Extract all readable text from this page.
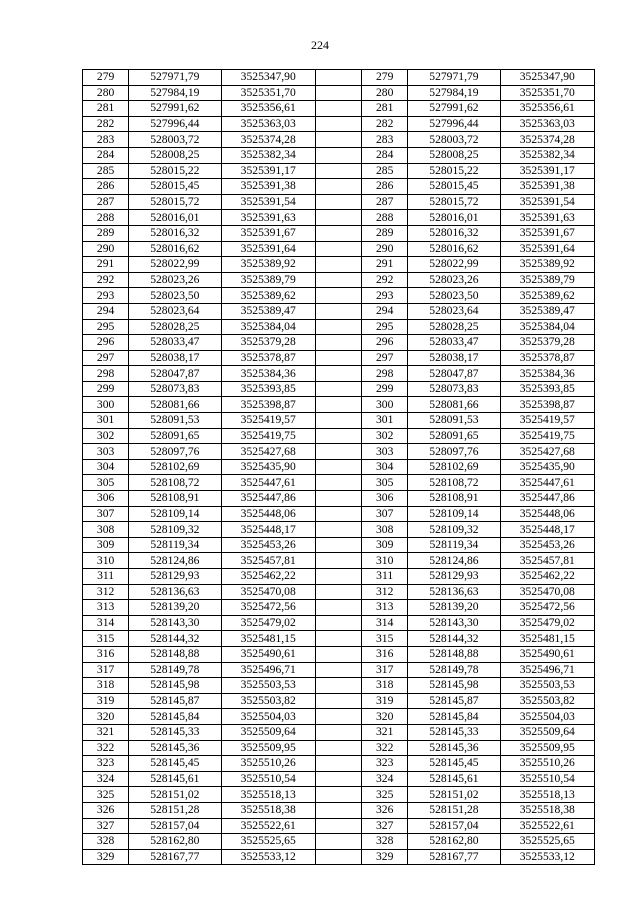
224
279	527971,79	3525347,90		279	527971,79	3525347,90
280	527984,19	3525351,70		280	527984,19	3525351,70
281	527991,62	3525356,61		281	527991,62	3525356,61
282	527996,44	3525363,03		282	527996,44	3525363,03
283	528003,72	3525374,28		283	528003,72	3525374,28
284	528008,25	3525382,34		284	528008,25	3525382,34
285	528015,22	3525391,17		285	528015,22	3525391,17
286	528015,45	3525391,38		286	528015,45	3525391,38
287	528015,72	3525391,54		287	528015,72	3525391,54
288	528016,01	3525391,63		288	528016,01	3525391,63
289	528016,32	3525391,67		289	528016,32	3525391,67
290	528016,62	3525391,64		290	528016,62	3525391,64
291	528022,99	3525389,92		291	528022,99	3525389,92
292	528023,26	3525389,79		292	528023,26	3525389,79
293	528023,50	3525389,62		293	528023,50	3525389,62
294	528023,64	3525389,47		294	528023,64	3525389,47
295	528028,25	3525384,04		295	528028,25	3525384,04
296	528033,47	3525379,28		296	528033,47	3525379,28
297	528038,17	3525378,87		297	528038,17	3525378,87
298	528047,87	3525384,36		298	528047,87	3525384,36
299	528073,83	3525393,85		299	528073,83	3525393,85
300	528081,66	3525398,87		300	528081,66	3525398,87
301	528091,53	3525419,57		301	528091,53	3525419,57
302	528091,65	3525419,75		302	528091,65	3525419,75
303	528097,76	3525427,68		303	528097,76	3525427,68
304	528102,69	3525435,90		304	528102,69	3525435,90
305	528108,72	3525447,61		305	528108,72	3525447,61
306	528108,91	3525447,86		306	528108,91	3525447,86
307	528109,14	3525448,06		307	528109,14	3525448,06
308	528109,32	3525448,17		308	528109,32	3525448,17
309	528119,34	3525453,26		309	528119,34	3525453,26
310	528124,86	3525457,81		310	528124,86	3525457,81
311	528129,93	3525462,22		311	528129,93	3525462,22
312	528136,63	3525470,08		312	528136,63	3525470,08
313	528139,20	3525472,56		313	528139,20	3525472,56
314	528143,30	3525479,02		314	528143,30	3525479,02
315	528144,32	3525481,15		315	528144,32	3525481,15
316	528148,88	3525490,61		316	528148,88	3525490,61
317	528149,78	3525496,71		317	528149,78	3525496,71
318	528145,98	3525503,53		318	528145,98	3525503,53
319	528145,87	3525503,82		319	528145,87	3525503,82
320	528145,84	3525504,03		320	528145,84	3525504,03
321	528145,33	3525509,64		321	528145,33	3525509,64
322	528145,36	3525509,95		322	528145,36	3525509,95
323	528145,45	3525510,26		323	528145,45	3525510,26
324	528145,61	3525510,54		324	528145,61	3525510,54
325	528151,02	3525518,13		325	528151,02	3525518,13
326	528151,28	3525518,38		326	528151,28	3525518,38
327	528157,04	3525522,61		327	528157,04	3525522,61
328	528162,80	3525525,65		328	528162,80	3525525,65
329	528167,77	3525533,12		329	528167,77	3525533,12
